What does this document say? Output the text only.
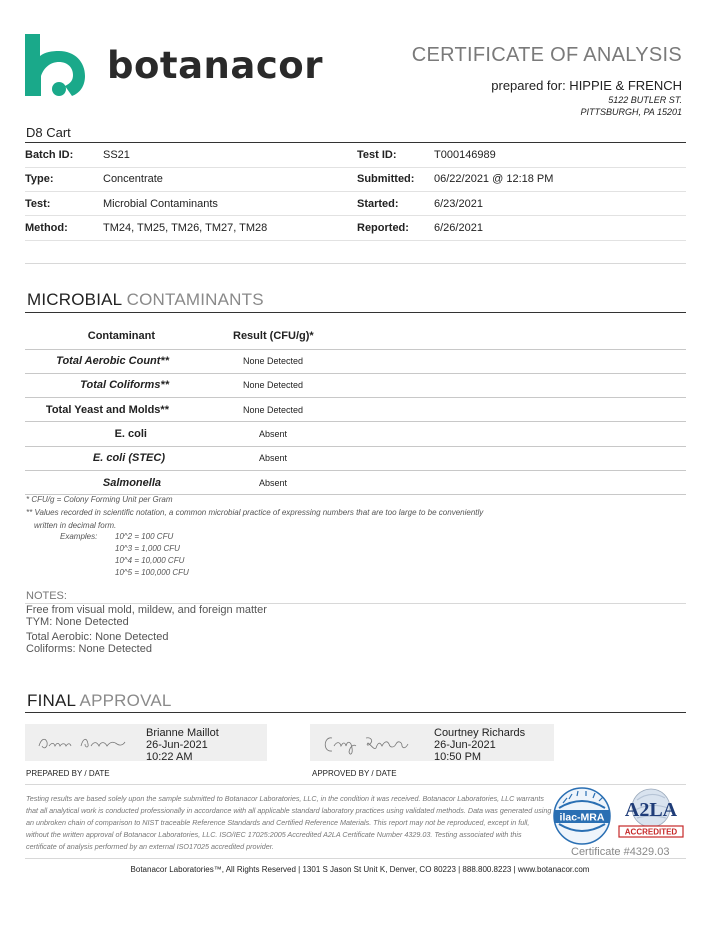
botanacor	CERTIFICATE OF ANALYSIS
prepared for: HIPPIE & FRENCH
5122 BUTLER ST.
PITTSBURGH, PA 15201
D8 Cart
Batch ID:	SS21	Test ID:	T000146989
Type:	Concentrate	Submitted:	06/22/2021 @ 12:18 PM
Test:	Microbial Contaminants	Started:	6/23/2021
Method:	TM24, TM25, TM26, TM27, TM28	Reported:	6/26/2021
MICROBIAL CONTAMINANTS
Contaminant	Result (CFU/g)*
Total Aerobic Count**	None Detected
Total Coliforms**	None Detected
Total Yeast and Molds**	None Detected
E. coli	Absent
E. coli (STEC)	Absent
Salmonella	Absent
* CFU/g = Colony Forming Unit per Gram
** Values recorded in scientific notation, a common microbial practice of expressing numbers that are too large to be conveniently
written in decimal form.
Examples: 10^2 = 100 CFU
10^3 = 1,000 CFU
10^4 = 10,000 CFU
10^5 = 100,000 CFU
NOTES:
Free from visual mold, mildew, and foreign matter
TYM: None Detected
Total Aerobic: None Detected
Coliforms: None Detected
FINAL APPROVAL
Brianne Maillot
26-Jun-2021
10:22 AM
PREPARED BY / DATE
Courtney Richards
26-Jun-2021
10:50 PM
APPROVED BY / DATE
Testing results are based solely upon the sample submitted to Botanacor Laboratories, LLC, in the condition it was received. Botanacor Laboratories, LLC warrants that all analytical work is conducted professionally in accordance with all applicable standard laboratory practices using validated methods. Data was generated using an unbroken chain of comparison to NIST traceable Reference Standards and Certified Reference Materials. This report may not be reproduced, except in full, without the written approval of Botanacor Laboratories, LLC. ISO/IEC 17025:2005 Accredited A2LA Certificate Number 4329.03. Testing associated with this certificate of analysis performed by an external ISO17025 accredited provider.
ilac-MRA A2LA
ACCREDITED
Certificate #4329.03
Botanacor Laboratories™, All Rights Reserved | 1301 S Jason St Unit K, Denver, CO 80223 | 888.800.8223 | www.botanacor.com
